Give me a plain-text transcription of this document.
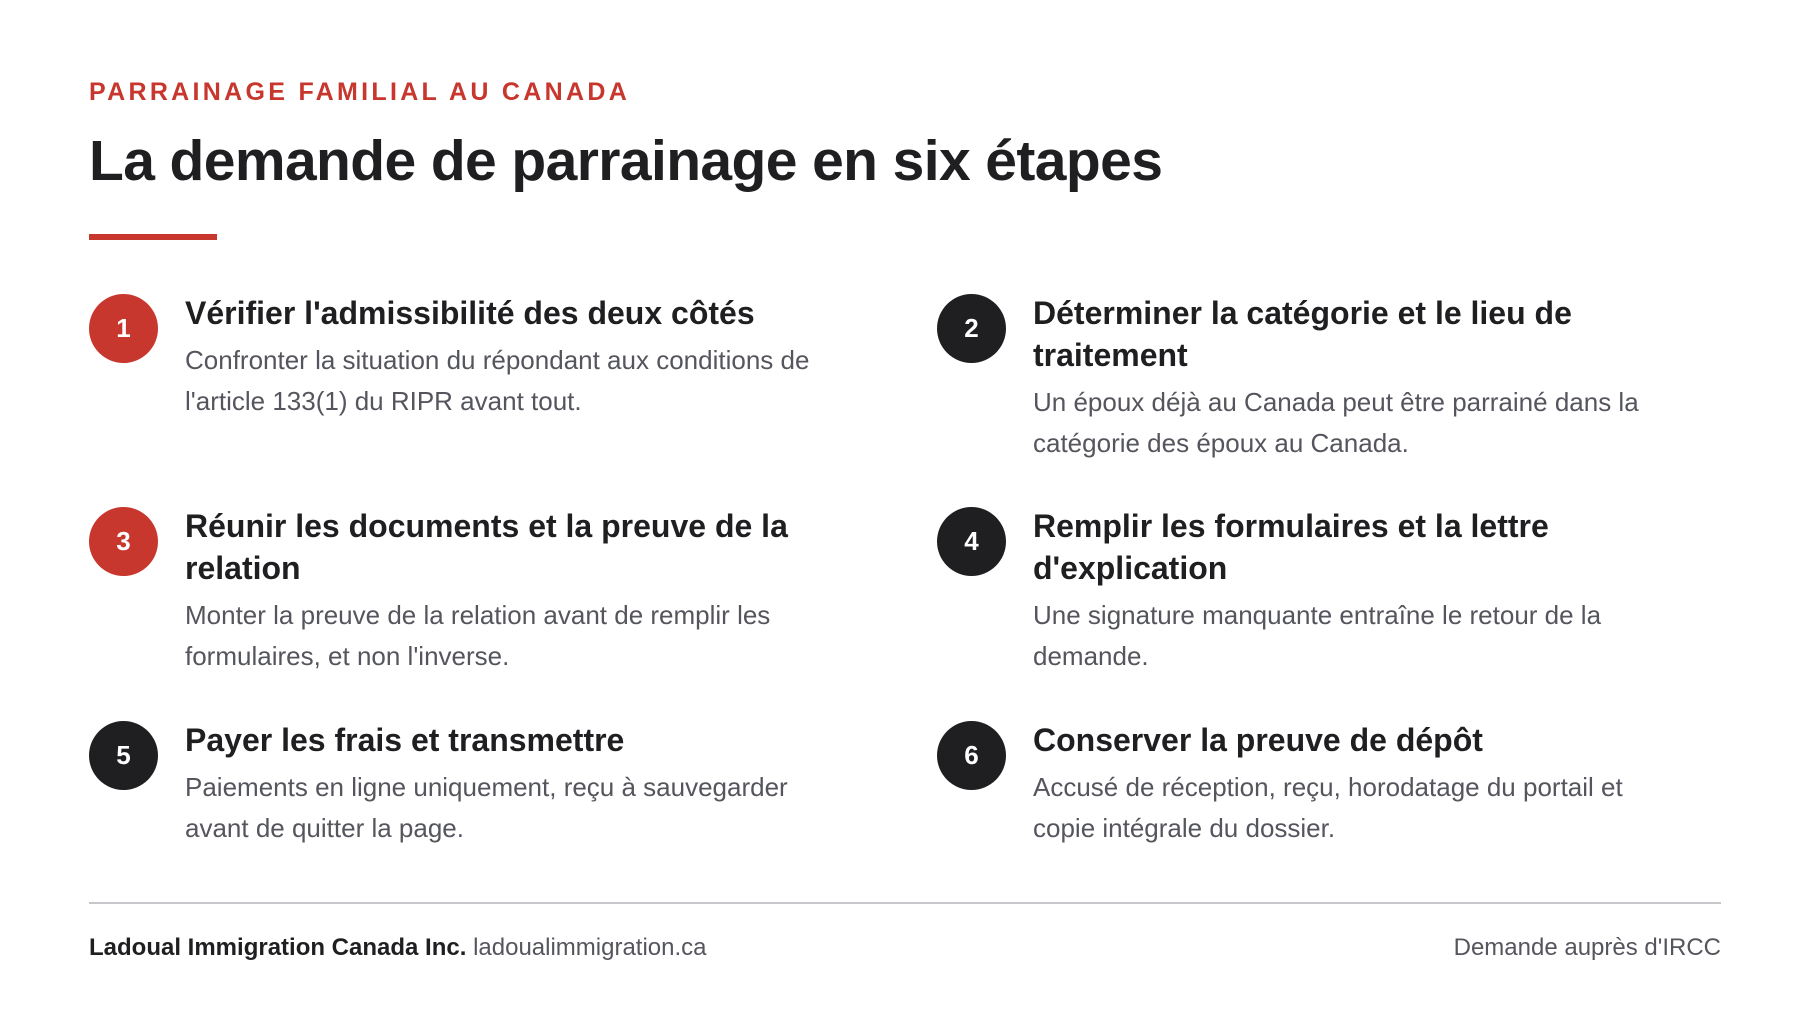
PARRAINAGE FAMILIAL AU CANADA
La demande de parrainage en six étapes
1	Vérifier l'admissibilité des deux côtés

Confronter la situation du répondant aux conditions de l'article 133(1) du RIPR avant tout.

2	Déterminer la catégorie et le lieu de traitement

Un époux déjà au Canada peut être parrainé dans la catégorie des époux au Canada.

3	Réunir les documents et la preuve de la relation

Monter la preuve de la relation avant de remplir les formulaires, et non l'inverse.

4	Remplir les formulaires et la lettre d'explication

Une signature manquante entraîne le retour de la demande.

5	Payer les frais et transmettre

Paiements en ligne uniquement, reçu à sauvegarder avant de quitter la page.

6	Conserver la preuve de dépôt

Accusé de réception, reçu, horodatage du portail et copie intégrale du dossier.

Ladoual Immigration Canada Inc. ladoualimmigration.ca	Demande auprès d'IRCC
